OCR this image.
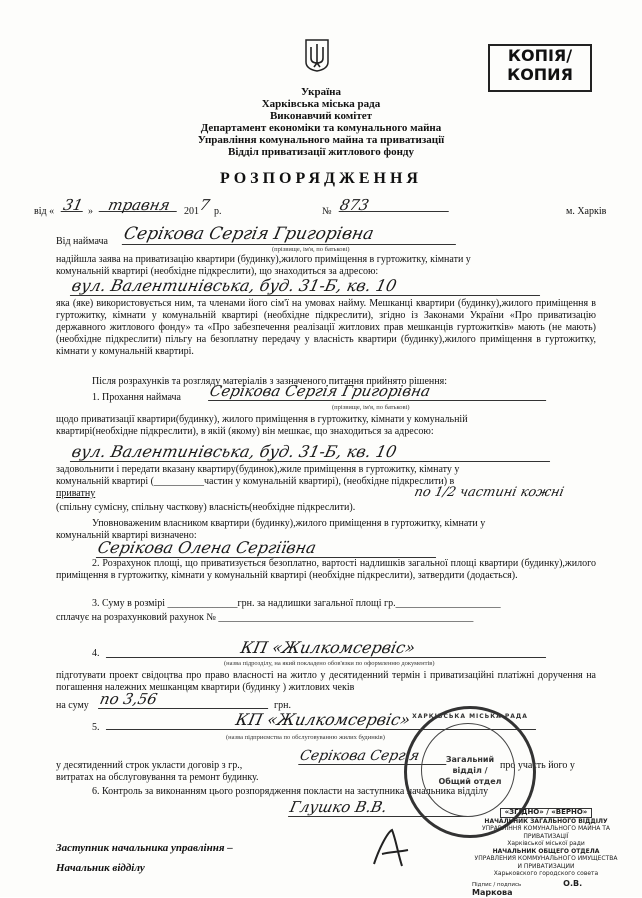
КОПІЯ/
КОПИЯ
Україна
Харківська міська рада
Виконавчий комітет
Департамент економіки та комунального майна
Управління комунального майна та приватизації
Відділ приватизації житлового фонду
РОЗПОРЯДЖЕННЯ
від « 31 » травня	201 7 р.	№ 873	м. Харків
Від наймача Серікова Сергія Григорівна
(прізвище, ім'я, по батькові)
надійшла заява на приватизацію квартири (будинку),жилого приміщення в гуртожитку, кімнати у
комунальній квартирі (необхідне підкреслити), що знаходиться за адресою:
вул. Валентинівська, буд. 31-Б, кв. 10
яка (яке) використовується ним, та членами його сім'ї на умовах найму. Мешканці квартири (будинку),жилого приміщення в гуртожитку, кімнати у комунальній квартирі (необхідне підкреслити), згідно із Законами України «Про приватизацію державного житлового фонду» та «Про забезпечення реалізації житлових прав мешканців гуртожитків» мають (не мають) (необхідне підкреслити) пільгу на безоплатну передачу у власність квартири (будинку),жилого приміщення в гуртожитку, кімнати у комунальній квартирі.
Після розрахунків та розгляду матеріалів з зазначеного питання прийнято рішення:
1. Прохання наймача Серікова Сергія Григорівна
(прізвище, ім'я, по батькові)
щодо приватизації квартири(будинку), жилого приміщення в гуртожитку, кімнати у комунальній
квартирі(необхідне підкреслити), в якій (якому) він мешкає, що знаходиться за адресою:
вул. Валентинівська, буд. 31-Б, кв. 10
задовольнити і передати вказану квартиру(будинок),жиле приміщення в гуртожитку, кімнату у
комунальній квартирі (__________частин у комунальній квартирі), (необхідне підкреслити) в
приватну	по 1/2 частині кожні
(спільну сумісну, спільну часткову) власність(необхідне підкреслити).
Уповноваженим власником квартири (будинку),жилого приміщення в гуртожитку, кімнати у
комунальній квартирі визначено:
Серікова Олена Сергіївна
2. Розрахунок площі, що приватизується безоплатно, вартості надлишків загальної площі квартири (будинку),жилого приміщення в гуртожитку, кімнати у комунальній квартирі (необхідне підкреслити), затвердити (додається).
3. Суму в розмірі ______________грн. за надлишки загальної площі гр._____________________
сплачує на розрахунковий рахунок № ___________________________________________________
4.	КП «Жилкомсервіс»
(назва підрозділу, на який покладено обов'язки по оформленню документів)
підготувати проект свідоцтва про право власності на житло у десятиденний термін і приватизаційні платіжні доручення на погашення належних мешканцям квартири (будинку ) житлових чеків
на суму по 3,56	грн.
5.	КП «Жилкомсервіс»
(назва підприємства по обслуговуванню жилих будинків)
у десятиденний строк укласти договір з гр.,
Серікова Сергія
про участь його у
витратах на обслуговування та ремонт будинку.
6. Контроль за виконанням цього розпорядження покласти на заступника начальника відділу
Глушко В.В.
ХАРКІВСЬКА МІСЬКА РАДА
Загальний
відділ /
Общий отдел
Заступник начальника управління –
Начальник відділу
«ЗГІДНО» / «ВЕРНО»
НАЧАЛЬНИК ЗАГАЛЬНОГО ВІДДІЛУ
УПРАВЛІННЯ КОМУНАЛЬНОГО МАЙНА ТА ПРИВАТИЗАЦІЇ
Харківської міської ради
НАЧАЛЬНИК ОБЩЕГО ОТДЕЛА
УПРАВЛЕНИЯ КОММУНАЛЬНОГО ИМУЩЕСТВА И ПРИВАТИЗАЦИИ
Харьковского городского совета
Підпис / подпись	О.В. Маркова
